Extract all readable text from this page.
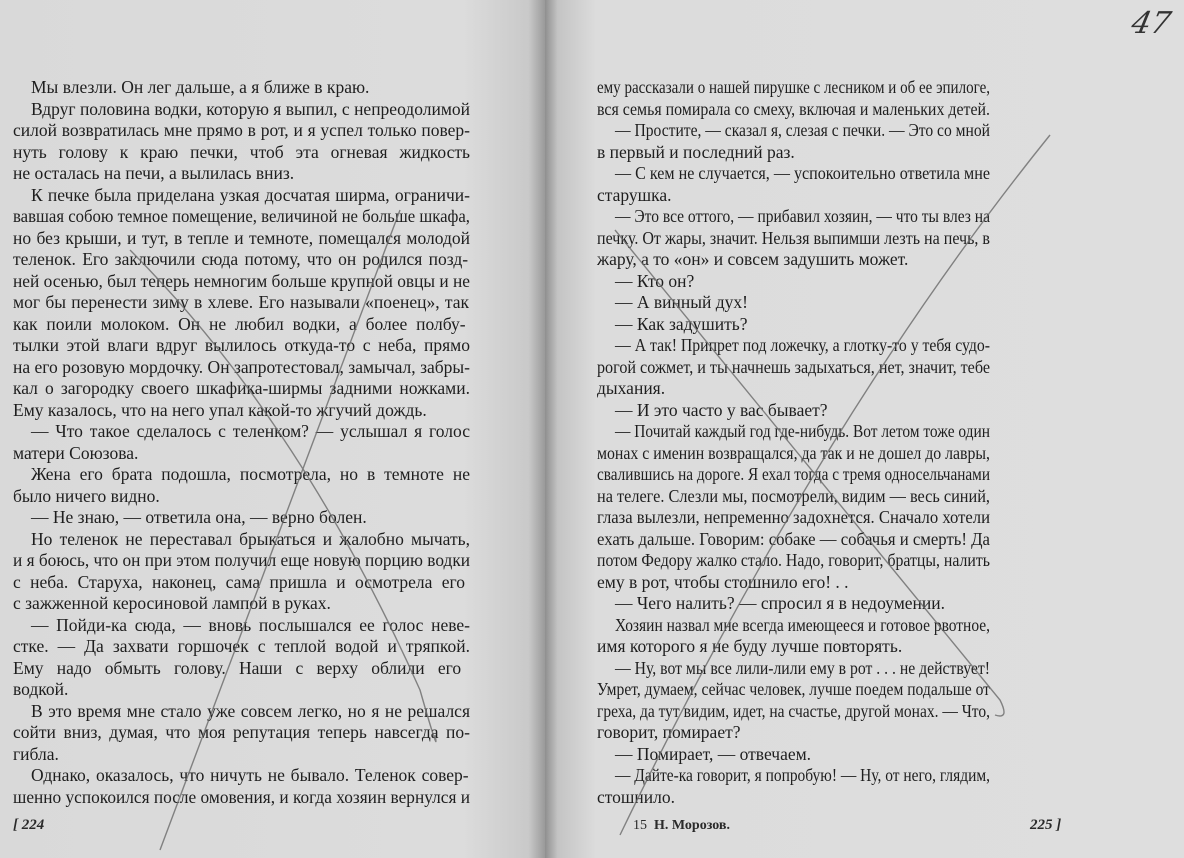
Мы влезли. Он лег дальше, а я ближе в краю.
Вдруг половина водки, которую я выпил, с непреодолимой
силой возвратилась мне прямо в рот, и я успел только повер-
нуть голову к краю печки, чтоб эта огневая жидкость
не осталась на печи, а вылилась вниз.
К печке была приделана узкая досчатая ширма, ограничи-
вавшая собою темное помещение, величиной не больше шкафа,
но без крыши, и тут, в тепле и темноте, помещался молодой
теленок. Его заключили сюда потому, что он родился позд-
ней осенью, был теперь немногим больше крупной овцы и не
мог бы перенести зиму в хлеве. Его называли «поенец», так
как поили молоком. Он не любил водки, а более полбу-
тылки этой влаги вдруг вылилось откуда-то с неба, прямо
на его розовую мордочку. Он запротестовал, замычал, забры-
кал о загородку своего шкафика-ширмы задними ножками.
Ему казалось, что на него упал какой-то жгучий дождь.
— Что такое сделалось с теленком? — услышал я голос
матери Союзова.
Жена его брата подошла, посмотрела, но в темноте не
было ничего видно.
— Не знаю, — ответила она, — верно болен.
Но теленок не переставал брыкаться и жалобно мычать,
и я боюсь, что он при этом получил еще новую порцию водки
с неба. Старуха, наконец, сама пришла и осмотрела его
с зажженной керосиновой лампой в руках.
— Пойди-ка сюда, — вновь послышался ее голос неве-
стке. — Да захвати горшочек с теплой водой и тряпкой.
Ему надо обмыть голову. Наши с верху облили его
водкой.
В это время мне стало уже совсем легко, но я не решался
сойти вниз, думая, что моя репутация теперь навсегда по-
гибла.
Однако, оказалось, что ничуть не бывало. Теленок совер-
шенно успокоился после омовения, и когда хозяин вернулся и
ему рассказали о нашей пирушке с лесником и об ее эпилоге,
вся семья помирала со смеху, включая и маленьких детей.
— Простите, — сказал я, слезая с печки. — Это со мной
в первый и последний раз.
— С кем не случается, — успокоительно ответила мне
старушка.
— Это все оттого, — прибавил хозяин, — что ты влез на
печку. От жары, значит. Нельзя выпимши лезть на печь, в
жару, а то «он» и совсем задушить может.
— Кто он?
— А винный дух!
— Как задушить?
— А так! Припрет под ложечку, а глотку-то у тебя судо-
рогой сожмет, и ты начнешь задыхаться, нет, значит, тебе
дыхания.
— И это часто у вас бывает?
— Почитай каждый год где-нибудь. Вот летом тоже один
монах с именин возвращался, да так и не дошел до лавры,
свалившись на дороге. Я ехал тогда с тремя односельчанами
на телеге. Слезли мы, посмотрели, видим — весь синий,
глаза вылезли, непременно задохнется. Сначало хотели
ехать дальше. Говорим: собаке — собачья и смерть! Да
потом Федору жалко стало. Надо, говорит, братцы, налить
ему в рот, чтобы стошнило его! . .
— Чего налить? — спросил я в недоумении.
Хозяин назвал мне всегда имеющееся и готовое рвотное,
имя которого я не буду лучше повторять.
— Ну, вот мы все лили-лили ему в рот . . . не действует!
Умрет, думаем, сейчас человек, лучше поедем подальше от
греха, да тут видим, идет, на счастье, другой монах. — Что,
говорит, помирает?
— Помирает, — отвечаем.
— Дайте-ка говорит, я попробую! — Ну, от него, глядим,
стошнило.
[ 224	15 Н. Морозов.	225 ]
47
